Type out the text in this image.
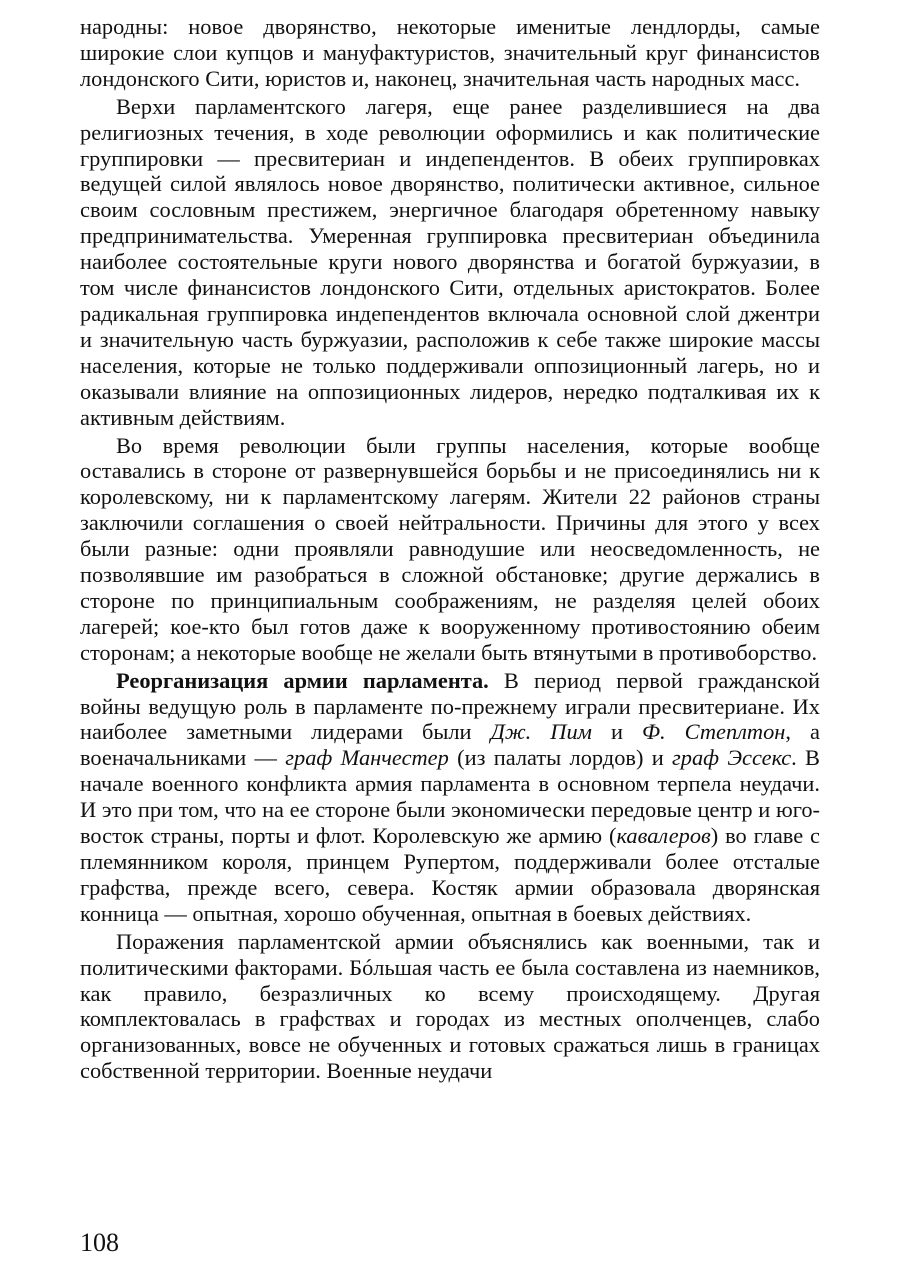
народны: новое дворянство, некоторые именитые лендлорды, самые широкие слои купцов и мануфактуристов, значительный круг финансистов лондонского Сити, юристов и, наконец, значительная часть народных масс.

Верхи парламентского лагеря, еще ранее разделившиеся на два религиозных течения, в ходе революции оформились и как политические группировки — пресвитериан и индепендентов. В обеих группировках ведущей силой являлось новое дворянство, политически активное, сильное своим сословным престижем, энергичное благодаря обретенному навыку предпринимательства. Умеренная группировка пресвитериан объединила наиболее состоятельные круги нового дворянства и богатой буржуазии, в том числе финансистов лондонского Сити, отдельных аристократов. Более радикальная группировка индепендентов включала основной слой джентри и значительную часть буржуазии, расположив к себе также широкие массы населения, которые не только поддерживали оппозиционный лагерь, но и оказывали влияние на оппозиционных лидеров, нередко подталкивая их к активным действиям.

Во время революции были группы населения, которые вообще оставались в стороне от развернувшейся борьбы и не присоединялись ни к королевскому, ни к парламентскому лагерям. Жители 22 районов страны заключили соглашения о своей нейтральности. Причины для этого у всех были разные: одни проявляли равнодушие или неосведомленность, не позволявшие им разобраться в сложной обстановке; другие держались в стороне по принципиальным соображениям, не разделяя целей обоих лагерей; кое-кто был готов даже к вооруженному противостоянию обеим сторонам; а некоторые вообще не желали быть втянутыми в противоборство.

Реорганизация армии парламента. В период первой гражданской войны ведущую роль в парламенте по-прежнему играли пресвитериане. Их наиболее заметными лидерами были Дж. Пим и Ф. Степлтон, а военачальниками — граф Манчестер (из палаты лордов) и граф Эссекс. В начале военного конфликта армия парламента в основном терпела неудачи. И это при том, что на ее стороне были экономически передовые центр и юго-восток страны, порты и флот. Королевскую же армию (кавалеров) во главе с племянником короля, принцем Рупертом, поддерживали более отсталые графства, прежде всего, севера. Костяк армии образовала дворянская конница — опытная, хорошо обученная, опытная в боевых действиях.

Поражения парламентской армии объяснялись как военными, так и политическими факторами. Бóльшая часть ее была составлена из наемников, как правило, безразличных ко всему происходящему. Другая комплектовалась в графствах и городах из местных ополченцев, слабо организованных, вовсе не обученных и готовых сражаться лишь в границах собственной территории. Военные неудачи

108
